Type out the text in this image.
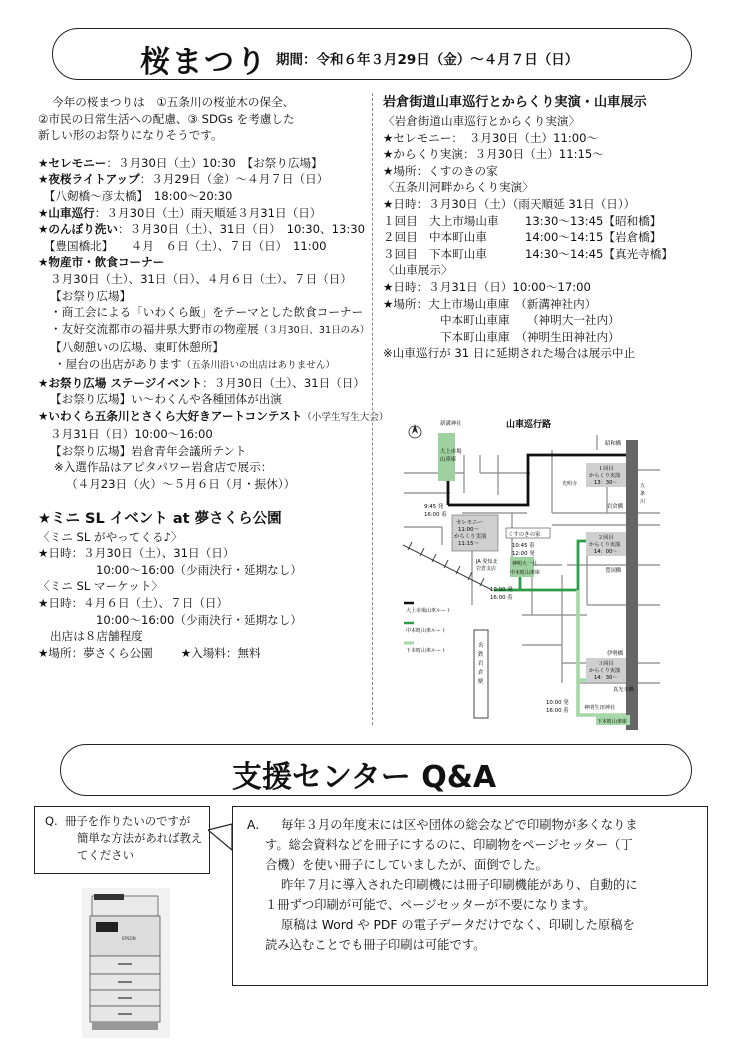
桜まつり 期間：令和６年３月29日（金）～４月７日（日）
今年の桜まつりは　①五条川の桜並木の保全、
②市民の日常生活への配慮、③ SDGs を考慮した
新しい形のお祭りになりそうです。
★セレモニー：３月30日（土）10:30　【お祭り広場】
★夜桜ライトアップ：３月29日（金）～４月７日（日）
　【八剱橋～彦太橋】　18:00～20:30
★山車巡行：３月30日（土）雨天順延３月31日（日）
★のんぼり洗い：３月30日（土）、31日（日）　10:30、13:30
　【豊国橋北】　　４月　６日（土）、７日（日）　11:00
★物産市・飲食コーナー
３月30日（土）、31日（日）、４月６日（土）、７日（日）
【お祭り広場】
・商工会による「いわくら飯」をテーマとした飲食コーナー
・友好交流都市の福井県大野市の物産展（３月30日、31日のみ）
【八剱憩いの広場、東町休憩所】
・屋台の出店があります（五条川沿いの出店はありません）
★お祭り広場 ステージイベント：３月30日（土）、31日（日）
【お祭り広場】い～わくんや各種団体が出演
★いわくら五条川とさくら大好きアートコンテスト（小学生写生大会）
３月31日（日）10:00～16:00
【お祭り広場】岩倉青年会議所テント
※入選作品はアピタパワー岩倉店で展示：
（４月23日（火）～５月６日（月・振休））
★ミニ SL イベント at 夢さくら公園
〈ミニ SL がやってくる♪〉
★日時：３月30日（土）、31日（日）
10:00～16:00（少雨決行・延期なし）
〈ミニ SL マーケット〉
★日時：４月６日（土）、７日（日）
10:00～16:00（少雨決行・延期なし）
出店は８店舗程度
★場所：夢さくら公園 ★入場料：無料
岩倉街道山車巡行とからくり実演・山車展示
〈岩倉街道山車巡行とからくり実演〉
★セレモニー：　３月30日（土）11:00～
★からくり実演：３月30日（土）11:15～
★場所：くすのきの家
〈五条川河畔からくり実演〉
★日時：３月30日（土）（雨天順延 31日（日））
１回目 大上市場山車 13:30～13:45【昭和橋】
２回目 中本町山車	14:00～14:15【岩倉橋】
３回目 下本町山車	14:30～14:45【真光寺橋】
〈山車展示〉
★日時：３月31日（日）10:00～17:00
★場所：大上市場山車庫　（新溝神社内）
中本町山車庫　　（神明大一社内）
下本町山車庫　（神明生田神社内）
※山車巡行が 31 日に延期された場合は展示中止
山車巡行路
大上市場
山車庫
新溝神社
9:45 発
16:00 着
セレモニー
11:00～
からくり実演
11:15～
くすのきの家
10:45 着
12:00 発
JA 愛知北
岩倉支店
神明大一社
中本町山車庫
10:00 発
16:00 着
昭和橋
１回目
からくり実演
13：30～
光明寺
岩倉橋
２回目
からくり実演
14：00～
五
条
川
豊国橋
伊勢橋
３回目
からくり実演
14：30～
真光寺橋
名
鉄
岩
倉
駅
10:00 発
16:00 着	神明生田神社
下本町山車庫
大上市場山車ルート
中本町山車ルート
下本町山車ルート
支援センター Q&A
Q. 冊子を作りたいのですが
簡単な方法があれば教え
てください
A.	毎年３月の年度末には区や団体の総会などで印刷物が多くなりま
す。総会資料などを冊子にするのに、印刷物をページセッター（丁
合機）を使い冊子にしていましたが、面倒でした。
昨年７月に導入された印刷機には冊子印刷機能があり、自動的に
１冊ずつ印刷が可能で、ページセッターが不要になります。
原稿は Word や PDF の電子データだけでなく、印刷した原稿を
読み込むことでも冊子印刷は可能です。
EPSON
